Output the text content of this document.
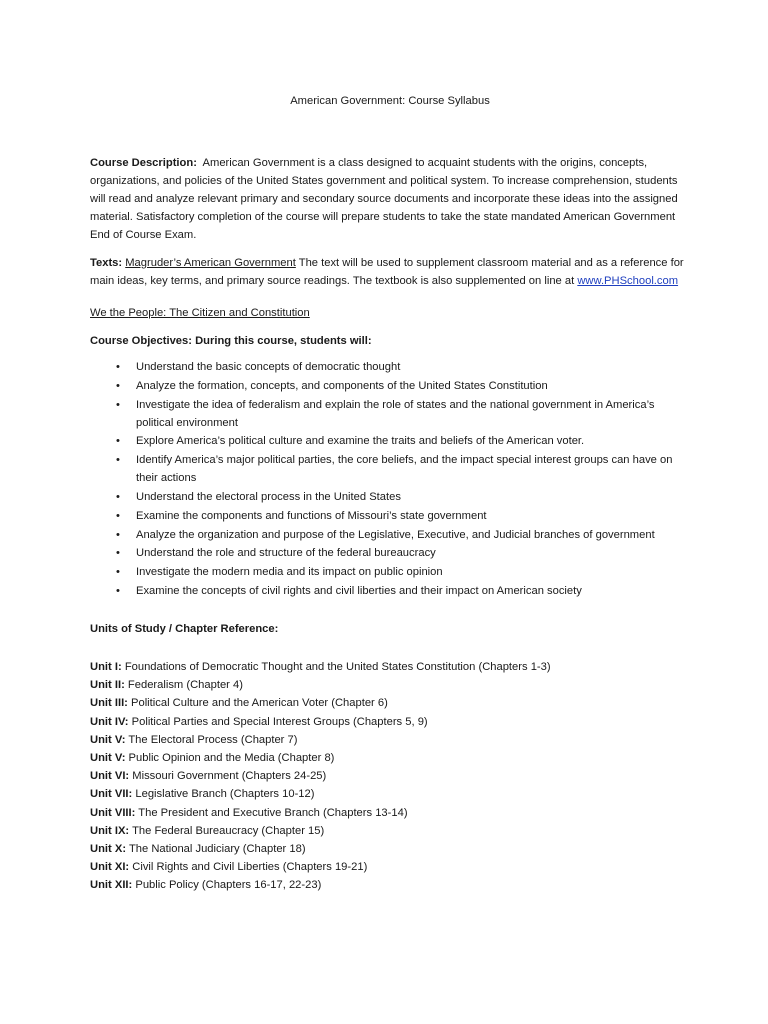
American Government: Course Syllabus

Course Description: American Government is a class designed to acquaint students with the origins, concepts, organizations, and policies of the United States government and political system. To increase comprehension, students will read and analyze relevant primary and secondary source documents and incorporate these ideas into the assigned material. Satisfactory completion of the course will prepare students to take the state mandated American Government End of Course Exam.

Texts: Magruder’s American Government The text will be used to supplement classroom material and as a reference for main ideas, key terms, and primary source readings. The textbook is also supplemented on line at www.PHSchool.com

We the People: The Citizen and Constitution

Course Objectives: During this course, students will:

• Understand the basic concepts of democratic thought
• Analyze the formation, concepts, and components of the United States Constitution
• Investigate the idea of federalism and explain the role of states and the national government in America’s political environment
• Explore America’s political culture and examine the traits and beliefs of the American voter.
• Identify America’s major political parties, the core beliefs, and the impact special interest groups can have on their actions
• Understand the electoral process in the United States
• Examine the components and functions of Missouri’s state government
• Analyze the organization and purpose of the Legislative, Executive, and Judicial branches of government
• Understand the role and structure of the federal bureaucracy
• Investigate the modern media and its impact on public opinion
• Examine the concepts of civil rights and civil liberties and their impact on American society

Units of Study / Chapter Reference:

Unit I: Foundations of Democratic Thought and the United States Constitution (Chapters 1-3)
Unit II: Federalism (Chapter 4)
Unit III: Political Culture and the American Voter (Chapter 6)
Unit IV: Political Parties and Special Interest Groups (Chapters 5, 9)
Unit V: The Electoral Process (Chapter 7)
Unit V: Public Opinion and the Media (Chapter 8)
Unit VI: Missouri Government (Chapters 24-25)
Unit VII: Legislative Branch (Chapters 10-12)
Unit VIII: The President and Executive Branch (Chapters 13-14)
Unit IX: The Federal Bureaucracy (Chapter 15)
Unit X: The National Judiciary (Chapter 18)
Unit XI: Civil Rights and Civil Liberties (Chapters 19-21)
Unit XII: Public Policy (Chapters 16-17, 22-23)
